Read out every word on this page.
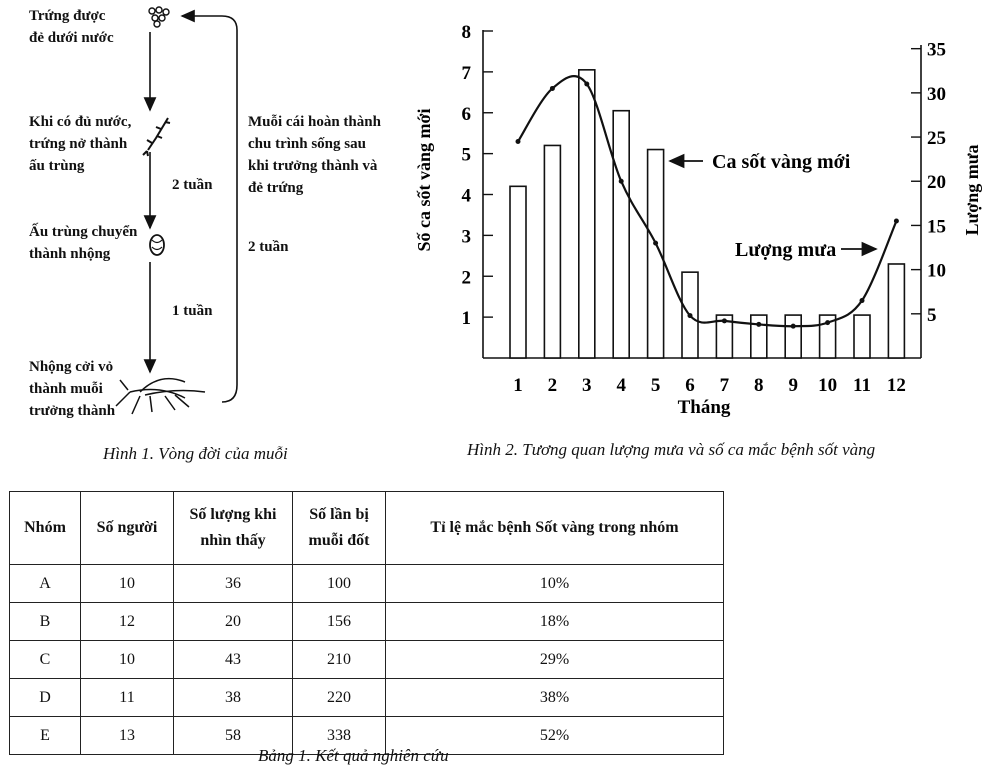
Trứng được
đẻ dưới nước
Khi có đủ nước,
trứng nở thành
ấu trùng
Ấu trùng chuyển
thành nhộng
Nhộng cởi vỏ
thành muỗi
trưởng thành
Muỗi cái hoàn thành
chu trình sống sau
khi trưởng thành và
đẻ trứng
2 tuần
1 tuần
2 tuần
Hình 1. Vòng đời của muỗi
1
2
3
4
5
6
7
8
5
10
15
20
25
30
35
1 2 3 4 5 6 7 8 9 10 11 12
Số ca sốt vàng mới	Lượng mưa
Tháng
Ca sốt vàng mới
Lượng mưa
Hình 2. Tương quan lượng mưa và số ca mắc bệnh sốt vàng
Nhóm	Số người	Số lượng khi nhìn thấy	Số lần bị muỗi đốt	Tỉ lệ mắc bệnh Sốt vàng trong nhóm
A	10	36	100	10%
B	12	20	156	18%
C	10	43	210	29%
D	11	38	220	38%
E	13	58	338	52%
Bảng 1. Kết quả nghiên cứu
